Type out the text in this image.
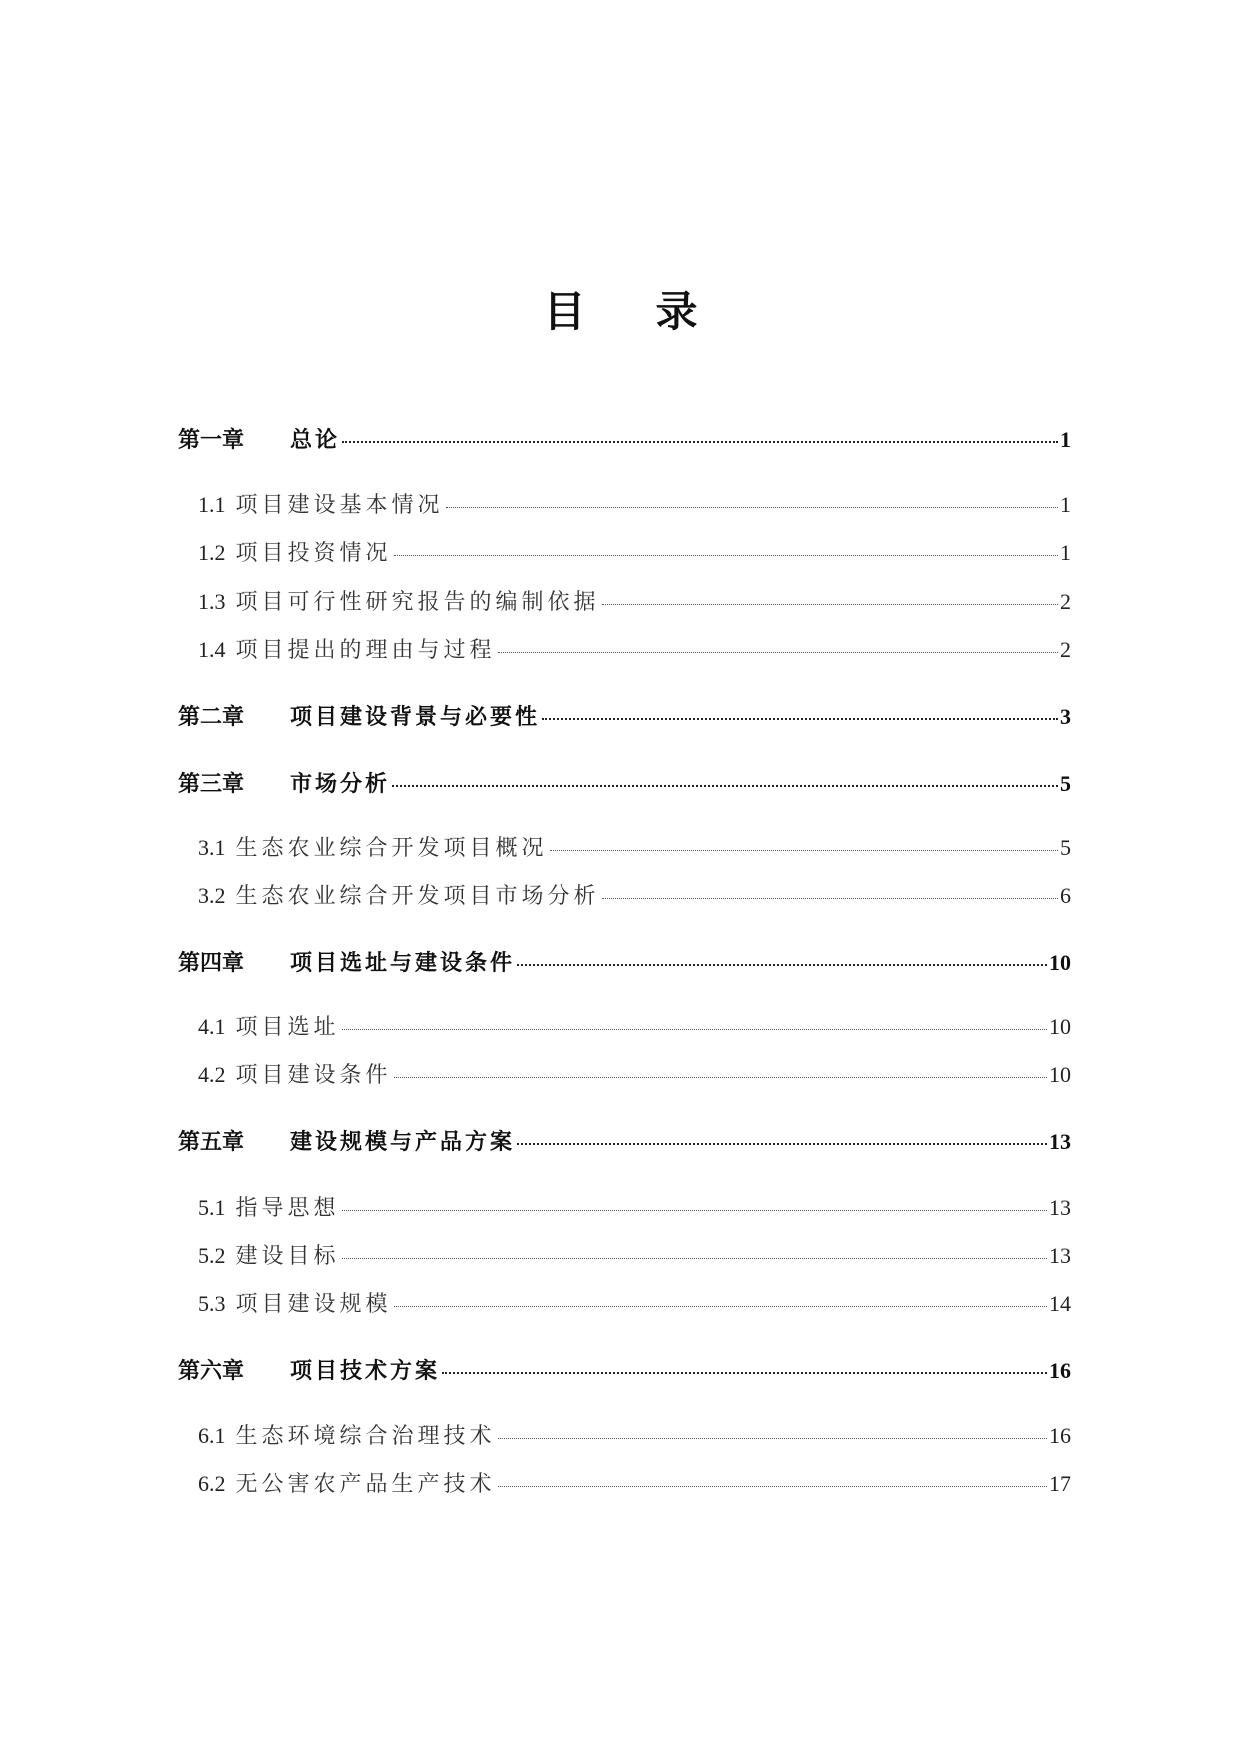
目 录
第一章	总论	1
1.1 项目建设基本情况	1
1.2 项目投资情况	1
1.3 项目可行性研究报告的编制依据	2
1.4 项目提出的理由与过程	2
第二章	项目建设背景与必要性	3
第三章	市场分析	5
3.1 生态农业综合开发项目概况	5
3.2 生态农业综合开发项目市场分析	6
第四章	项目选址与建设条件	10
4.1 项目选址	10
4.2 项目建设条件	10
第五章	建设规模与产品方案	13
5.1 指导思想	13
5.2 建设目标	13
5.3 项目建设规模	14
第六章	项目技术方案	16
6.1 生态环境综合治理技术	16
6.2 无公害农产品生产技术	17
